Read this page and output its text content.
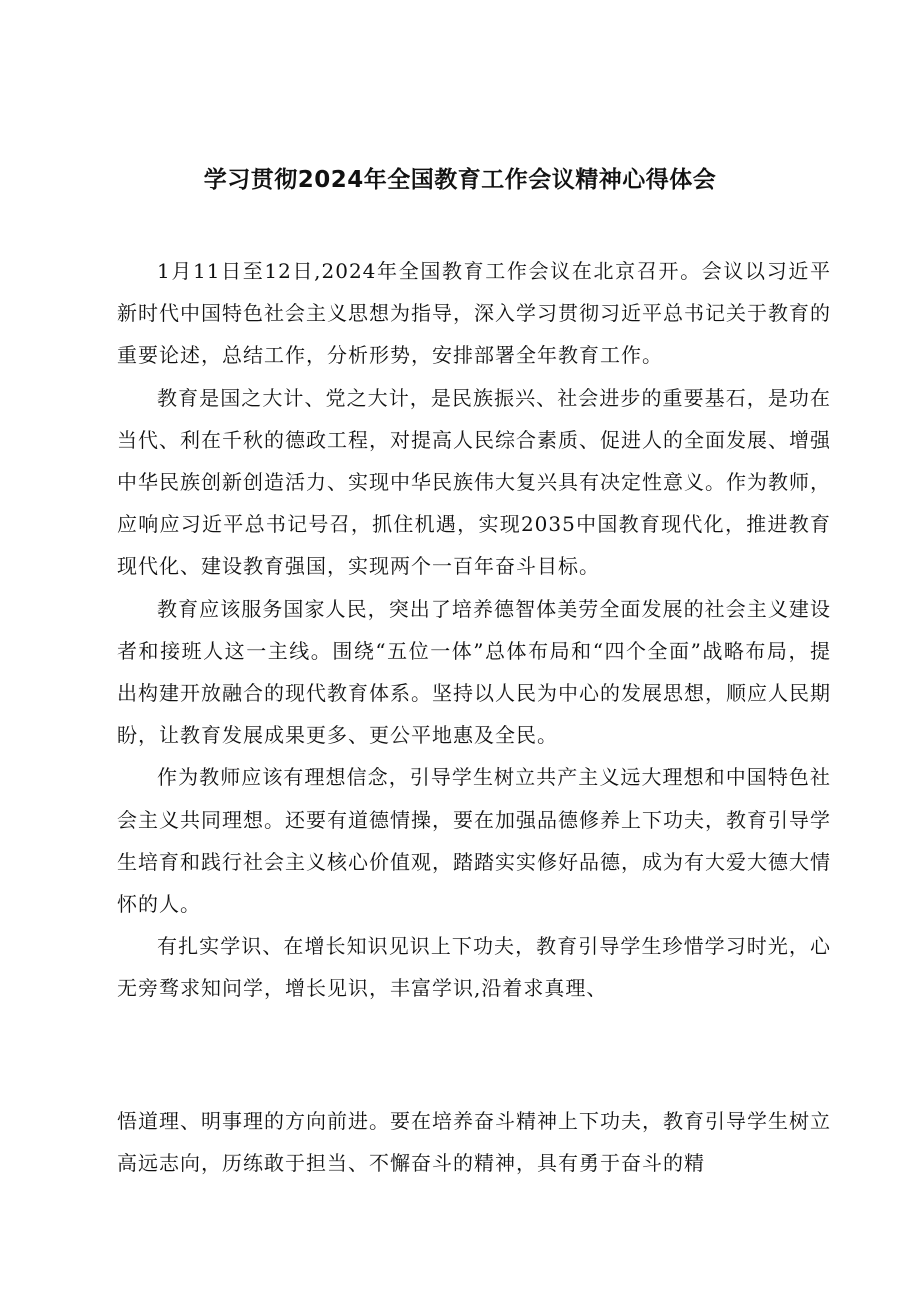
学习贯彻2024年全国教育工作会议精神心得体会

1月11日至12日,2024年全国教育工作会议在北京召开。会议以习近平新时代中国特色社会主义思想为指导，深入学习贯彻习近平总书记关于教育的重要论述，总结工作，分析形势，安排部署全年教育工作。

教育是国之大计、党之大计，是民族振兴、社会进步的重要基石，是功在当代、利在千秋的德政工程，对提高人民综合素质、促进人的全面发展、增强中华民族创新创造活力、实现中华民族伟大复兴具有决定性意义。作为教师，应响应习近平总书记号召，抓住机遇，实现2035中国教育现代化，推进教育现代化、建设教育强国，实现两个一百年奋斗目标。

教育应该服务国家人民，突出了培养德智体美劳全面发展的社会主义建设者和接班人这一主线。围绕“五位一体”总体布局和“四个全面”战略布局，提出构建开放融合的现代教育体系。坚持以人民为中心的发展思想，顺应人民期盼，让教育发展成果更多、更公平地惠及全民。

作为教师应该有理想信念，引导学生树立共产主义远大理想和中国特色社会主义共同理想。还要有道德情操，要在加强品德修养上下功夫，教育引导学生培育和践行社会主义核心价值观，踏踏实实修好品德，成为有大爱大德大情怀的人。

有扎实学识、在增长知识见识上下功夫，教育引导学生珍惜学习时光，心无旁骛求知问学，增长见识，丰富学识,沿着求真理、

悟道理、明事理的方向前进。要在培养奋斗精神上下功夫，教育引导学生树立高远志向，历练敢于担当、不懈奋斗的精神，具有勇于奋斗的精
